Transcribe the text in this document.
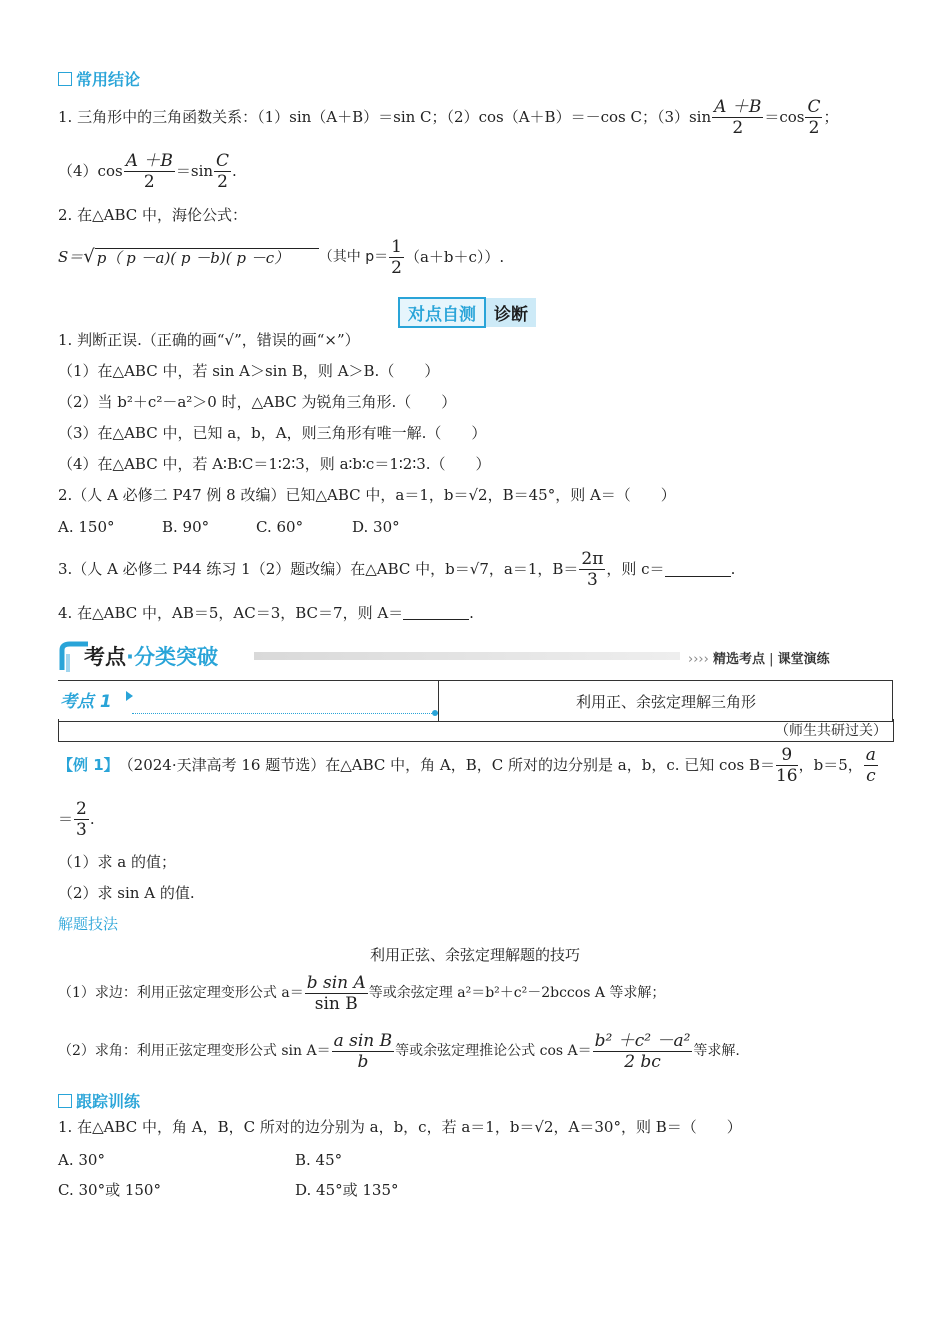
常用结论
1. 三角形中的三角函数关系：（1）sin（A＋B）＝sin C；（2）cos（A＋B）＝－cos C；$(3)\sin \frac{A +B}{2} =\cos \frac{C}{2}$ ；
$(4)\cos \frac{A +B}{2} =\sin \frac{C}{2}$ .
2. 在△ABC 中，海伦公式：
S＝ √ p（ p －a)( p －b)( p －c）	（其中 $p= \frac{1}{2} (a+b+c)$）.
对点自测	诊断
1. 判断正误.（正确的画“√”，错误的画“×”）
（1）在△ABC 中，若 sin A＞sin B，则 A＞B.（　　）
（2）当 b²＋c²－a²＞0 时，△ABC 为锐角三角形.（　　）
（3）在△ABC 中，已知 a，b，A，则三角形有唯一解.（　　）
（4）在△ABC 中，若 A∶B∶C＝1∶2∶3，则 a∶b∶c＝1∶2∶3.（　　）
2.（人 A 必修二 P47 例 8 改编）已知△ABC 中，a＝1，b＝√2，B＝45°，则 A＝（　　）
A. 150°	B. 90°	C. 60°	D. 30°
3.（人 A 必修二 P44 练习 1（2）题改编）在△ABC 中，b＝√7，a＝1，$B= \frac{2\pi}{3}$ ，则 c＝	.
4. 在△ABC 中，AB＝5，AC＝3，BC＝7，则 A＝	.
考点·分类突破	›››› 精选考点 | 课堂演练
考点 1	利用正、余弦定理解三角形
（师生共研过关）
【例 1】 （2024·天津高考 16 题节选）在△ABC 中，角 A，B，C 所对的边分别是 a，b，c. 已知 $\cos B= \frac{9}{16}$ ，b＝5， $\frac{a}{c}$
＝ $\frac{2}{3}$ .
（1）求 a 的值；
（2）求 sin A 的值.
解题技法
利用正弦、余弦定理解题的技巧
（1）求边：利用正弦定理变形公式 $a= \frac{\text{b sin A}}{\text{sin B}}$ 等或余弦定理 a²＝b²＋c²－2bccos A 等求解；
（2）求角：利用正弦定理变形公式 $\sin A= \frac{\text{a sin B}}{b}$ 等或余弦定理推论公式 $\cos A= \frac{\text{b² ＋c² －a²}}{2 bc}$ 等求解.
跟踪训练
1. 在△ABC 中，角 A，B，C 所对的边分别为 a，b，c，若 a＝1，b＝√2，A＝30°，则 B＝（　　）
A. 30°	B. 45°
C. 30°或 150°	D. 45°或 135°
